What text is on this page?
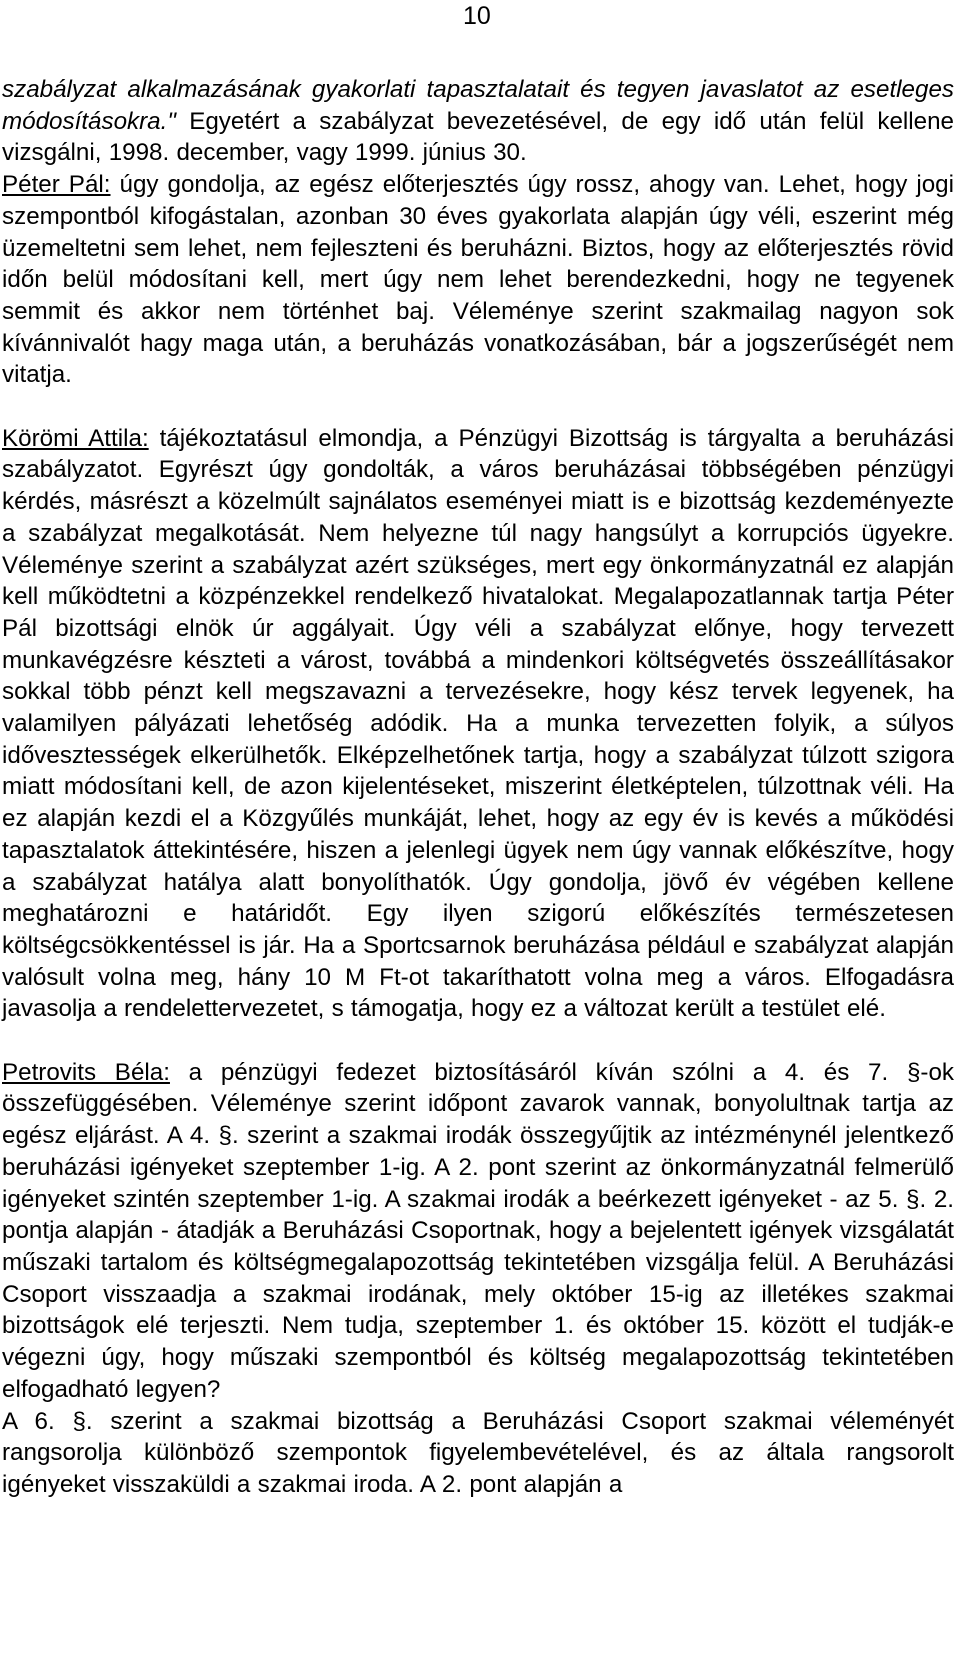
10

szabályzat alkalmazásának gyakorlati tapasztalatait és tegyen javaslatot az esetleges módosításokra." Egyetért a szabályzat bevezetésével, de egy idő után felül kellene vizsgálni, 1998. december, vagy 1999. június 30.

Péter Pál: úgy gondolja, az egész előterjesztés úgy rossz, ahogy van. Lehet, hogy jogi szempontból kifogástalan, azonban 30 éves gyakorlata alapján úgy véli, eszerint még üzemeltetni sem lehet, nem fejleszteni és beruházni. Biztos, hogy az előterjesztés rövid időn belül módosítani kell, mert úgy nem lehet berendezkedni, hogy ne tegyenek semmit és akkor nem történhet baj. Véleménye szerint szakmailag nagyon sok kívánnivalót hagy maga után, a beruházás vonatkozásában, bár a jogszerűségét nem vitatja.

Körömi Attila: tájékoztatásul elmondja, a Pénzügyi Bizottság is tárgyalta a beruházási szabályzatot. Egyrészt úgy gondolták, a város beruházásai többségében pénzügyi kérdés, másrészt a közelmúlt sajnálatos eseményei miatt is e bizottság kezdeményezte a szabályzat megalkotását. Nem helyezne túl nagy hangsúlyt a korrupciós ügyekre. Véleménye szerint a szabályzat azért szükséges, mert egy önkormányzatnál ez alapján kell működtetni a közpénzekkel rendelkező hivatalokat. Megalapozatlannak tartja Péter Pál bizottsági elnök úr aggályait. Úgy véli a szabályzat előnye, hogy tervezett munkavégzésre készteti a várost, továbbá a mindenkori költségvetés összeállításakor sokkal több pénzt kell megszavazni a tervezésekre, hogy kész tervek legyenek, ha valamilyen pályázati lehetőség adódik. Ha a munka tervezetten folyik, a súlyos idővesztességek elkerülhetők. Elképzelhetőnek tartja, hogy a szabályzat túlzott szigora miatt módosítani kell, de azon kijelentéseket, miszerint életképtelen, túlzottnak véli. Ha ez alapján kezdi el a Közgyűlés munkáját, lehet, hogy az egy év is kevés a működési tapasztalatok áttekintésére, hiszen a jelenlegi ügyek nem úgy vannak előkészítve, hogy a szabályzat hatálya alatt bonyolíthatók. Úgy gondolja, jövő év végében kellene meghatározni e határidőt. Egy ilyen szigorú előkészítés természetesen költségcsökkentéssel is jár. Ha a Sportcsarnok beruházása például e szabályzat alapján valósult volna meg, hány 10 M Ft-ot takaríthatott volna meg a város. Elfogadásra javasolja a rendelettervezetet, s támogatja, hogy ez a változat került a testület elé.

Petrovits Béla: a pénzügyi fedezet biztosításáról kíván szólni a 4. és 7. §-ok összefüggésében. Véleménye szerint időpont zavarok vannak, bonyolultnak tartja az egész eljárást. A 4. §. szerint a szakmai irodák összegyűjtik az intézménynél jelentkező beruházási igényeket szeptember 1-ig. A 2. pont szerint az önkormányzatnál felmerülő igényeket szintén szeptember 1-ig. A szakmai irodák a beérkezett igényeket - az 5. §. 2. pontja alapján - átadják a Beruházási Csoportnak, hogy a bejelentett igények vizsgálatát műszaki tartalom és költségmegalapozottság tekintetében vizsgálja felül. A Beruházási Csoport visszaadja a szakmai irodának, mely október 15-ig az illetékes szakmai bizottságok elé terjeszti. Nem tudja, szeptember 1. és október 15. között el tudják-e végezni úgy, hogy műszaki szempontból és költség megalapozottság tekintetében elfogadható legyen?

A 6. §. szerint a szakmai bizottság a Beruházási Csoport szakmai véleményét rangsorolja különböző szempontok figyelembevételével, és az általa rangsorolt igényeket visszaküldi a szakmai iroda. A 2. pont alapján a
